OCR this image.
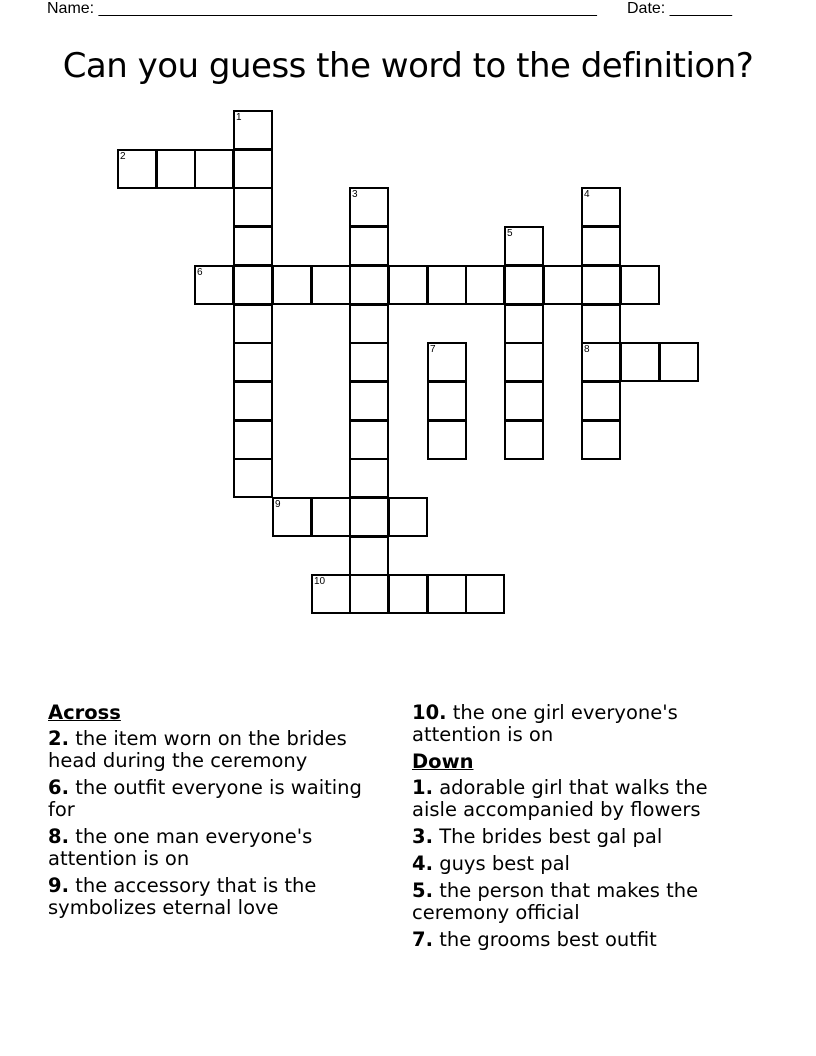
Name: ________________________________________________________ Date: _______
Can you guess the word to the definition?
1
2
3	4
5
6
7	8
9
10
Across
2. the item worn on the brides head during the ceremony
6. the outfit everyone is waiting for
8. the one man everyone's attention is on
9. the accessory that is the symbolizes eternal love
10. the one girl everyone's attention is on
Down
1. adorable girl that walks the aisle accompanied by flowers
3. The brides best gal pal
4. guys best pal
5. the person that makes the ceremony official
7. the grooms best outfit
